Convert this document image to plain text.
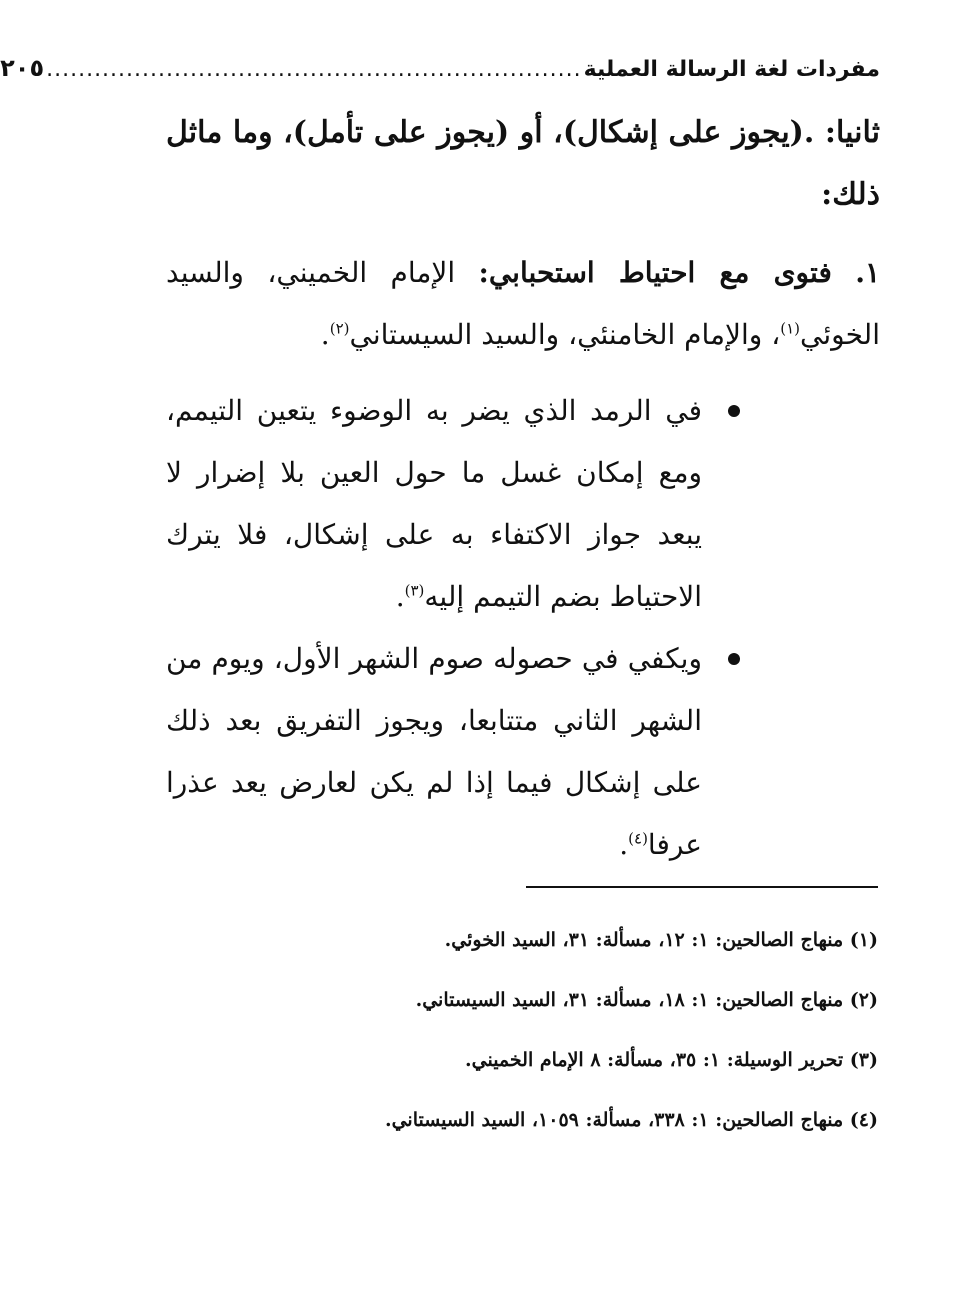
مفردات لغة الرسالة العملية
...................................................................
٢٠٥
ثانيا: .(يجوز على إشكال)، أو (يجوز على تأمل)، وما ماثل ذلك:
١. فتوى مع احتياط استحبابي: الإمام الخميني، والسيد الخوئي$^{(١)}$، والإمام الخامنئي، والسيد السيستاني$^{(٢)}$.
في الرمد الذي يضر به الوضوء يتعين التيمم، ومع إمكان غسل ما حول العين بلا إضرار لا يبعد جواز الاكتفاء به على إشكال، فلا يترك الاحتياط بضم التيمم إليه$^{(٣)}$.
ويكفي في حصوله صوم الشهر الأول، ويوم من الشهر الثاني متتابعا، ويجوز التفريق بعد ذلك على إشكال فيما إذا لم يكن لعارض يعد عذرا عرفا$^{(٤)}$.
(١) منهاج الصالحين: ١: ١٢، مسألة: ٣١، السيد الخوئي.
(٢) منهاج الصالحين: ١: ١٨، مسألة: ٣١، السيد السيستاني.
(٣) تحرير الوسيلة: ١: ٣٥، مسألة: ٨ الإمام الخميني.
(٤) منهاج الصالحين: ١: ٣٣٨، مسألة: ١٠٥٩، السيد السيستاني.
